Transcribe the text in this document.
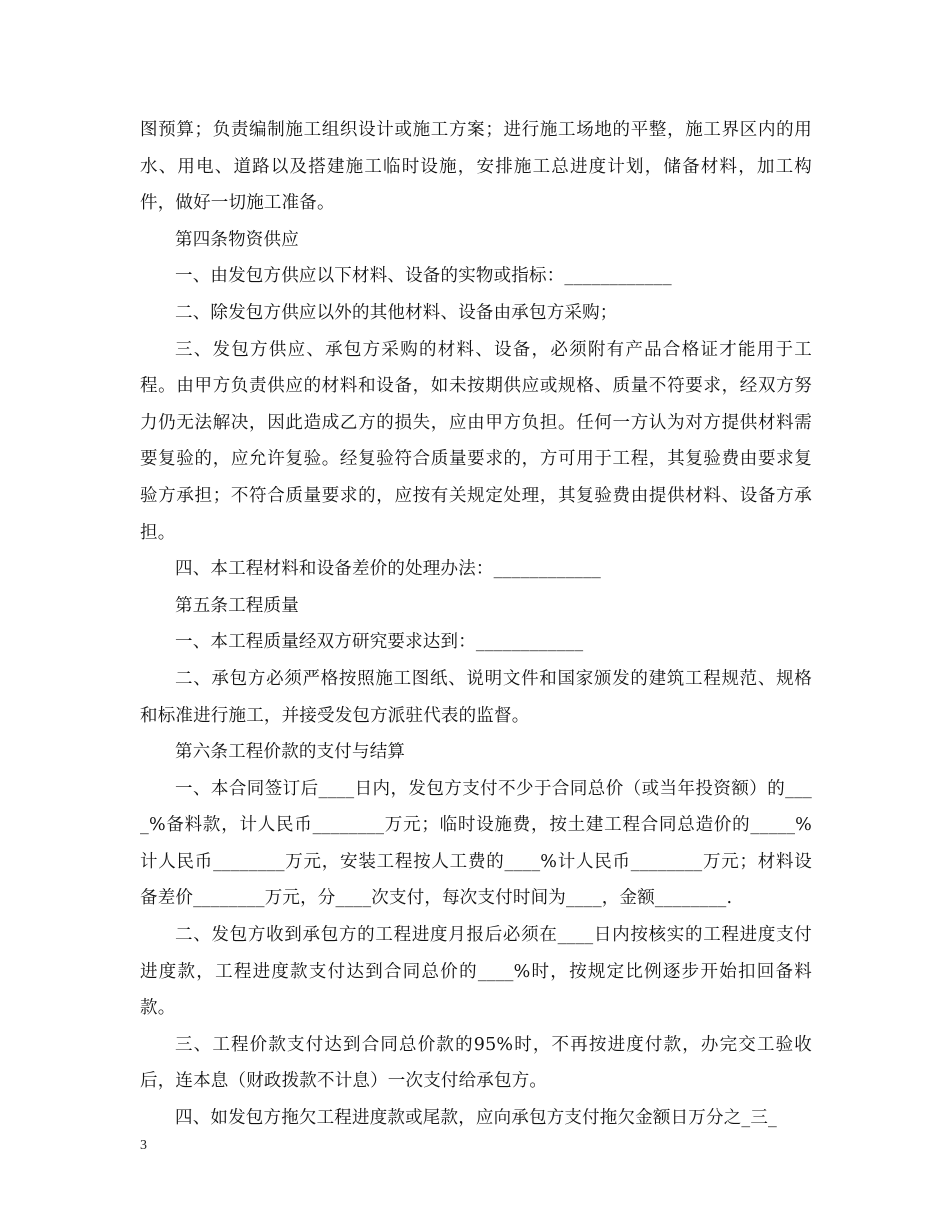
图预算；负责编制施工组织设计或施工方案；进行施工场地的平整，施工界区内的用水、用电、道路以及搭建施工临时设施，安排施工总进度计划，储备材料，加工构件，做好一切施工准备。

第四条物资供应

一、由发包方供应以下材料、设备的实物或指标：____________

二、除发包方供应以外的其他材料、设备由承包方采购；

三、发包方供应、承包方采购的材料、设备，必须附有产品合格证才能用于工程。由甲方负责供应的材料和设备，如未按期供应或规格、质量不符要求，经双方努力仍无法解决，因此造成乙方的损失，应由甲方负担。任何一方认为对方提供材料需要复验的，应允许复验。经复验符合质量要求的，方可用于工程，其复验费由要求复验方承担；不符合质量要求的，应按有关规定处理，其复验费由提供材料、设备方承担。

四、本工程材料和设备差价的处理办法：____________

第五条工程质量

一、本工程质量经双方研究要求达到：____________

二、承包方必须严格按照施工图纸、说明文件和国家颁发的建筑工程规范、规格和标准进行施工，并接受发包方派驻代表的监督。

第六条工程价款的支付与结算

一、本合同签订后____日内，发包方支付不少于合同总价（或当年投资额）的____%备料款，计人民币________万元；临时设施费，按土建工程合同总造价的_____%计人民币________万元，安装工程按人工费的____%计人民币________万元；材料设备差价________万元，分____次支付，每次支付时间为____，金额________.

二、发包方收到承包方的工程进度月报后必须在____日内按核实的工程进度支付进度款，工程进度款支付达到合同总价的____%时，按规定比例逐步开始扣回备料款。

三、工程价款支付达到合同总价款的95%时，不再按进度付款，办完交工验收后，连本息（财政拨款不计息）一次支付给承包方。

四、如发包方拖欠工程进度款或尾款，应向承包方支付拖欠金额日万分之_三_

3
